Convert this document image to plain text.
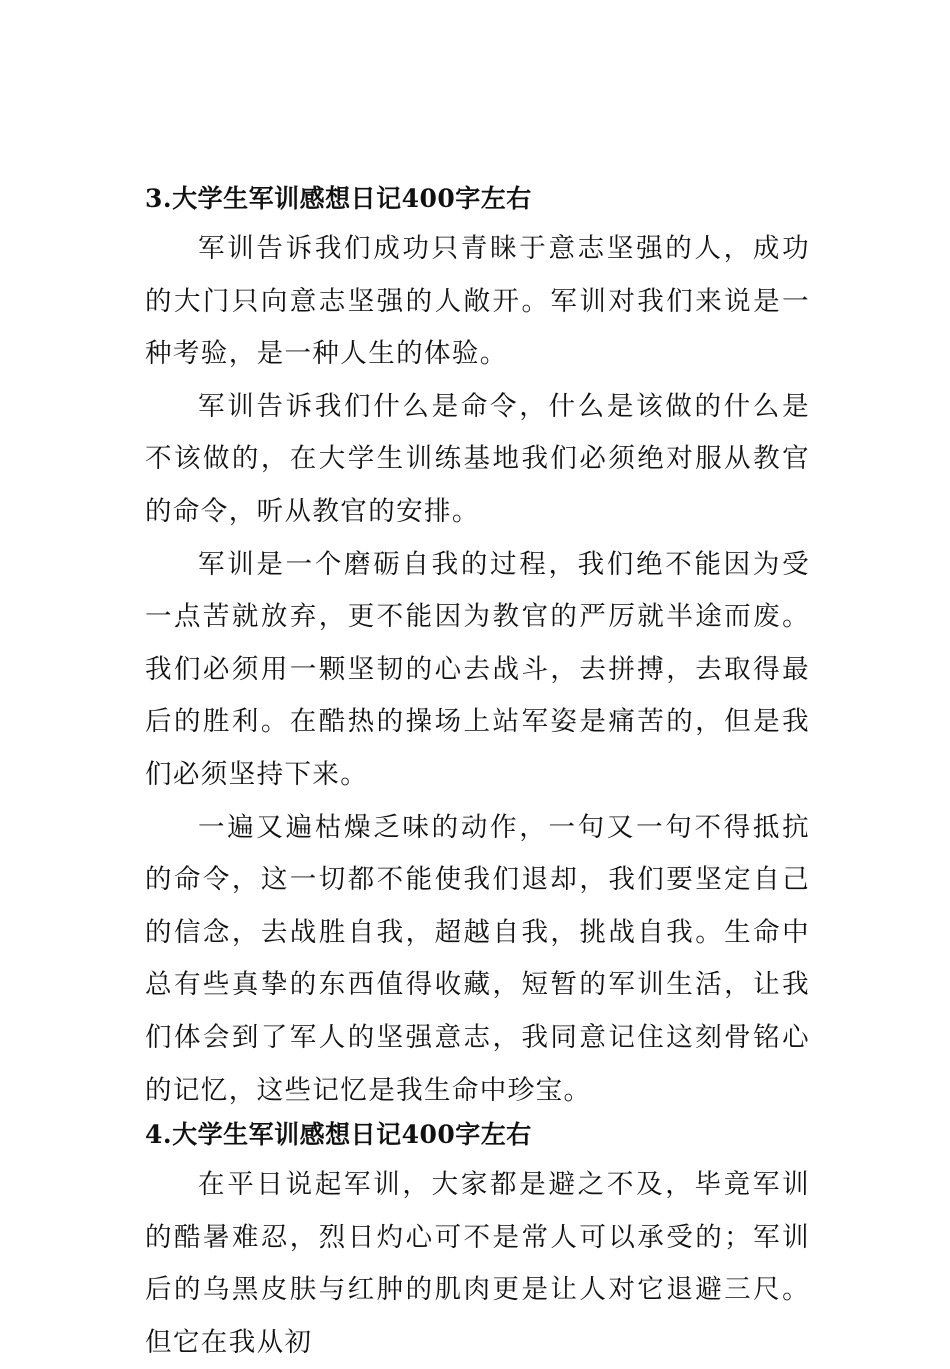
3.大学生军训感想日记400字左右

军训告诉我们成功只青睐于意志坚强的人，成功的大门只向意志坚强的人敞开。军训对我们来说是一种考验，是一种人生的体验。

军训告诉我们什么是命令，什么是该做的什么是不该做的，在大学生训练基地我们必须绝对服从教官的命令，听从教官的安排。

军训是一个磨砺自我的过程，我们绝不能因为受一点苦就放弃，更不能因为教官的严厉就半途而废。我们必须用一颗坚韧的心去战斗，去拼搏，去取得最后的胜利。在酷热的操场上站军姿是痛苦的，但是我们必须坚持下来。

一遍又遍枯燥乏味的动作，一句又一句不得抵抗的命令，这一切都不能使我们退却，我们要坚定自己的信念，去战胜自我，超越自我，挑战自我。生命中总有些真挚的东西值得收藏，短暂的军训生活，让我们体会到了军人的坚强意志，我同意记住这刻骨铭心的记忆，这些记忆是我生命中珍宝。

4.大学生军训感想日记400字左右

在平日说起军训，大家都是避之不及，毕竟军训的酷暑难忍，烈日灼心可不是常人可以承受的；军训后的乌黑皮肤与红肿的肌肉更是让人对它退避三尺。但它在我从初
